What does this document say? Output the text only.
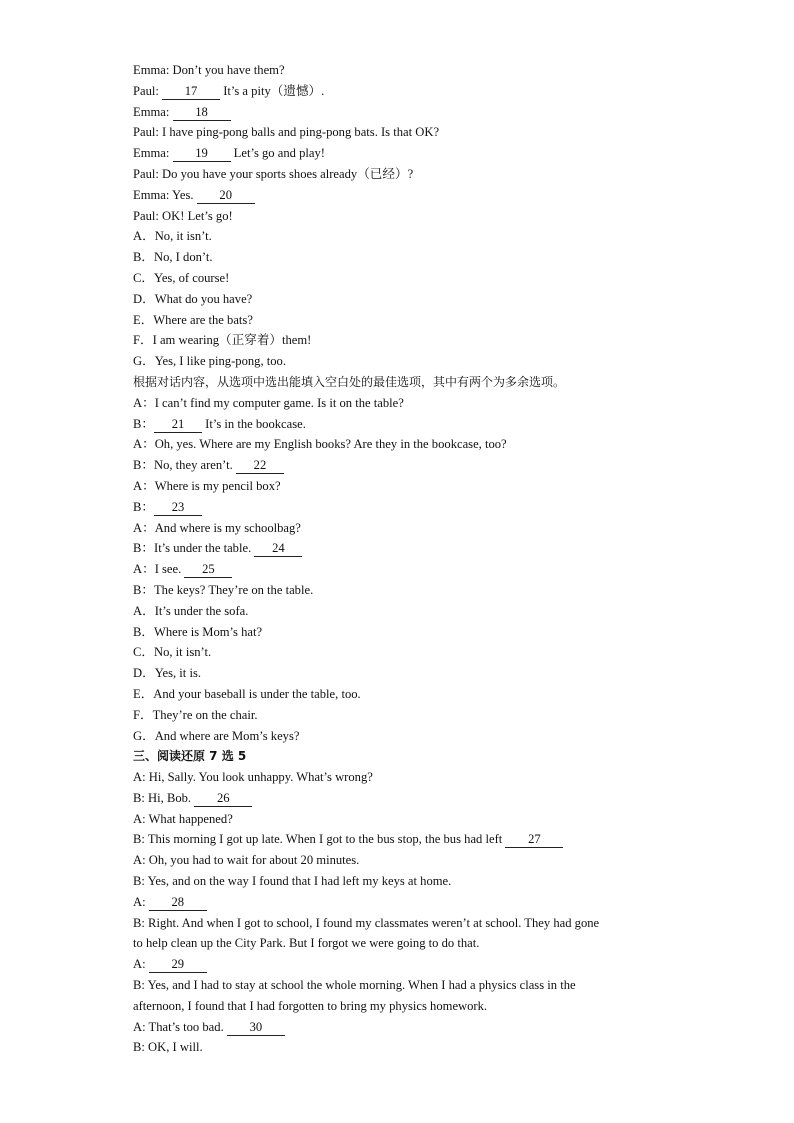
Emma: Don’t you have them?
Paul: 17 It’s a pity（遗憾）.
Emma: 18
Paul: I have ping-pong balls and ping-pong bats. Is that OK?
Emma: 19 Let’s go and play!
Paul: Do you have your sports shoes already（已经）?
Emma: Yes. 20
Paul: OK! Let’s go!
A．No, it isn’t.
B．No, I don’t.
C．Yes, of course!
D．What do you have?
E．Where are the bats?
F．I am wearing（正穿着）them!
G．Yes, I like ping-pong, too.
根据对话内容，从选项中选出能填入空白处的最佳选项，其中有两个为多余选项。
A：I can’t find my computer game. Is it on the table?
B： 21 It’s in the bookcase.
A：Oh, yes. Where are my English books? Are they in the bookcase, too?
B：No, they aren’t. 22
A：Where is my pencil box?
B： 23
A：And where is my schoolbag?
B：It’s under the table. 24
A：I see. 25
B：The keys? They’re on the table.
A．It’s under the sofa.
B．Where is Mom’s hat?
C．No, it isn’t.
D．Yes, it is.
E．And your baseball is under the table, too.
F．They’re on the chair.
G．And where are Mom’s keys?
三、阅读还原 7 选 5
A: Hi, Sally. You look unhappy. What’s wrong?
B: Hi, Bob. 26
A: What happened?
B: This morning I got up late. When I got to the bus stop, the bus had left 27
A: Oh, you had to wait for about 20 minutes.
B: Yes, and on the way I found that I had left my keys at home.
A: 28
B: Right. And when I got to school, I found my classmates weren’t at school. They had gone
to help clean up the City Park. But I forgot we were going to do that.
A: 29
B: Yes, and I had to stay at school the whole morning. When I had a physics class in the
afternoon, I found that I had forgotten to bring my physics homework.
A: That’s too bad. 30
B: OK, I will.
